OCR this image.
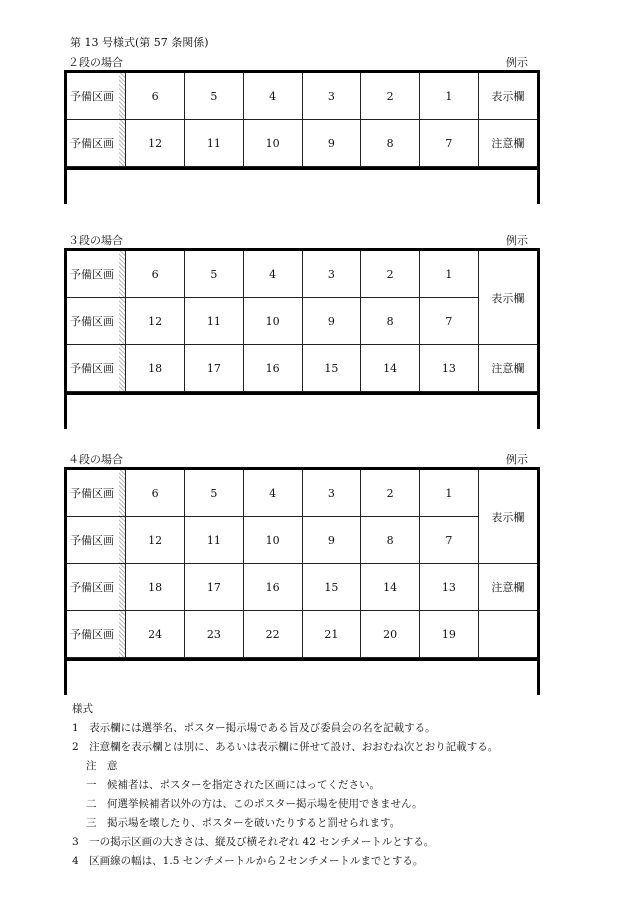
第 13 号様式(第 57 条関係)
２段の場合	例示
予備区画	6	5	4	3	2	1	表示欄
予備区画	12	11	10	9	8	7	注意欄
３段の場合	例示
予備区画	6	5	4	3	2	1	表示欄
予備区画	12	11	10	9	8	7	
予備区画	18	17	16	15	14	13	注意欄
４段の場合	例示
予備区画	6	5	4	3	2	1	表示欄
予備区画	12	11	10	9	8	7	
予備区画	18	17	16	15	14	13	注意欄
予備区画	24	23	22	21	20	19	
様式
1　表示欄には選挙名、ポスター掲示場である旨及び委員会の名を記載する。
2　注意欄を表示欄とは別に、あるいは表示欄に併せて設け、おおむね次とおり記載する。
注　意
一　候補者は、ポスターを指定された区画にはってください。
二　何選挙候補者以外の方は、このポスター掲示場を使用できません。
三　掲示場を壊したり、ポスターを破いたりすると罰せられます。
3　一の掲示区画の大きさは、縦及び横それぞれ 42 センチメートルとする。
4　区画線の幅は、1.5 センチメートルから２センチメートルまでとする。
